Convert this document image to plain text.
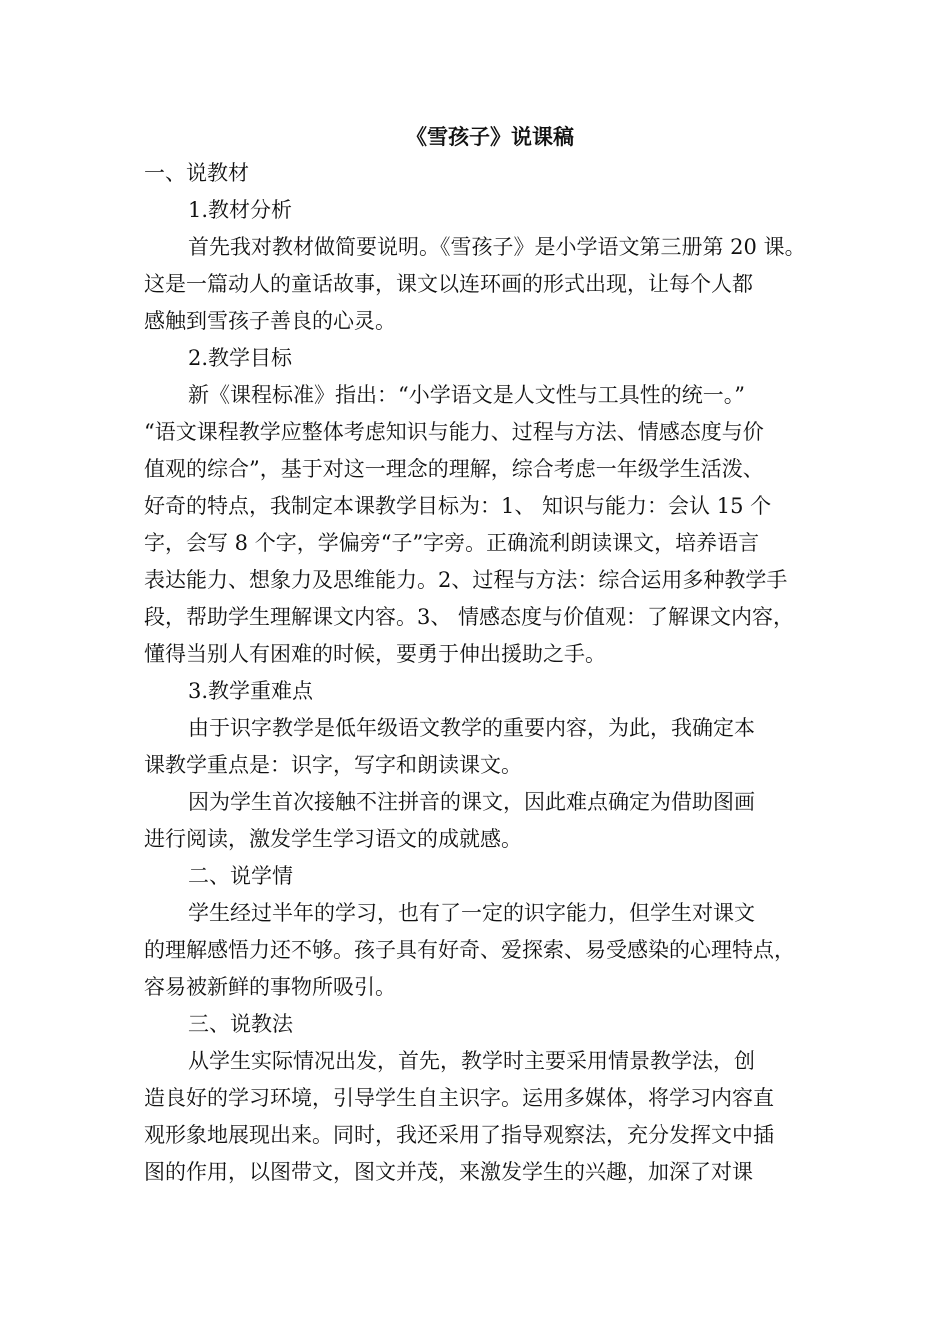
《雪孩子》说课稿
一、说教材
1.教材分析
首先我对教材做简要说明。《雪孩子》是小学语文第三册第 20 课。
这是一篇动人的童话故事，课文以连环画的形式出现，让每个人都
感触到雪孩子善良的心灵。
2.教学目标
新《课程标准》指出：“小学语文是人文性与工具性的统一。”
“语文课程教学应整体考虑知识与能力、过程与方法、情感态度与价
值观的综合”，基于对这一理念的理解，综合考虑一年级学生活泼、
好奇的特点，我制定本课教学目标为：1、 知识与能力：会认 15 个
字，会写 8 个字，学偏旁“子”字旁。正确流利朗读课文，培养语言
表达能力、想象力及思维能力。2、过程与方法：综合运用多种教学手
段，帮助学生理解课文内容。3、 情感态度与价值观：了解课文内容，
懂得当别人有困难的时候，要勇于伸出援助之手。
3.教学重难点
由于识字教学是低年级语文教学的重要内容，为此，我确定本
课教学重点是：识字，写字和朗读课文。
因为学生首次接触不注拼音的课文，因此难点确定为借助图画
进行阅读，激发学生学习语文的成就感。
二、说学情
学生经过半年的学习，也有了一定的识字能力，但学生对课文
的理解感悟力还不够。孩子具有好奇、爱探索、易受感染的心理特点，
容易被新鲜的事物所吸引。
三、说教法
从学生实际情况出发，首先，教学时主要采用情景教学法，创
造良好的学习环境，引导学生自主识字。运用多媒体，将学习内容直
观形象地展现出来。同时，我还采用了指导观察法，充分发挥文中插
图的作用，以图带文，图文并茂，来激发学生的兴趣，加深了对课
